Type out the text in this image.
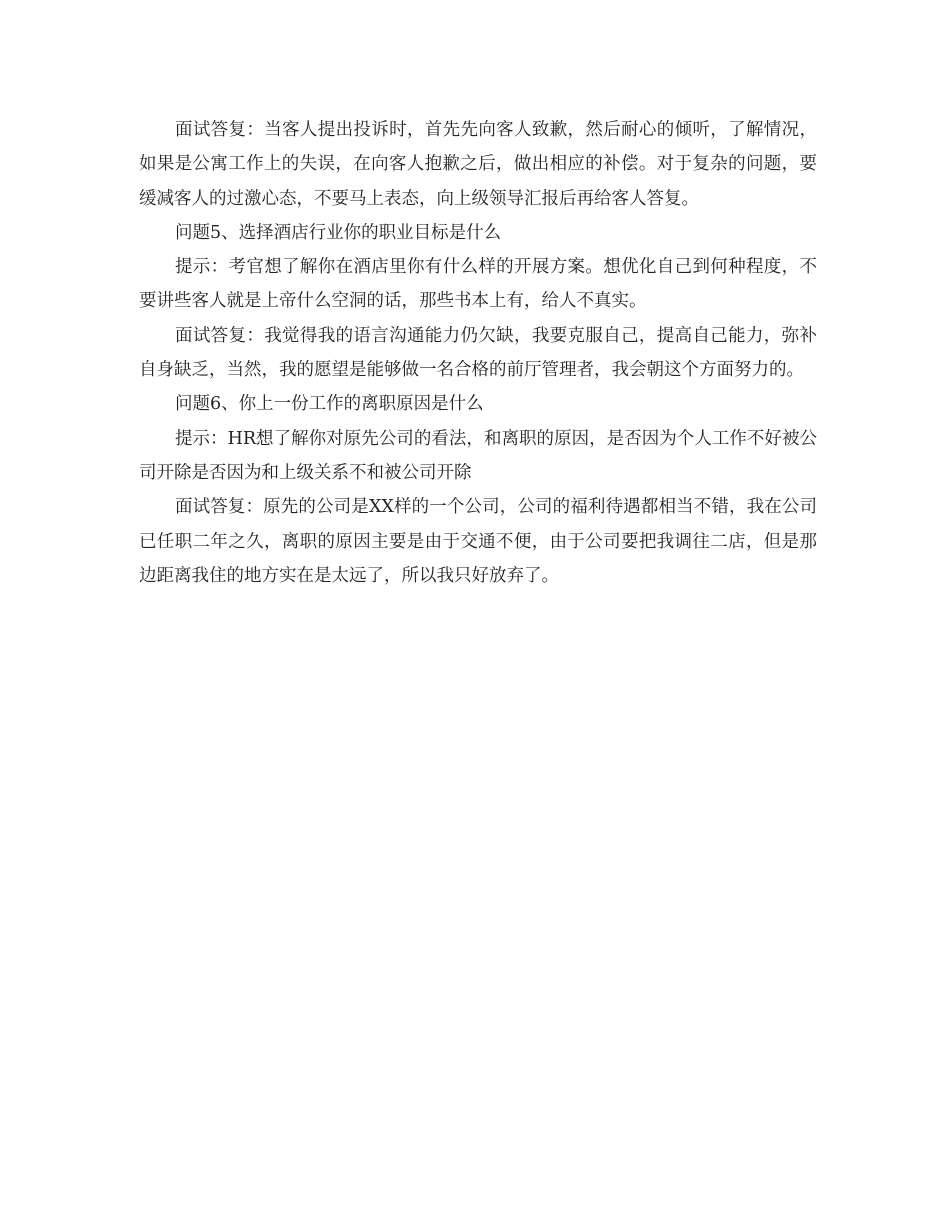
面试答复：当客人提出投诉时，首先先向客人致歉，然后耐心的倾听，了解情况，如果是公寓工作上的失误，在向客人抱歉之后，做出相应的补偿。对于复杂的问题，要缓减客人的过激心态，不要马上表态，向上级领导汇报后再给客人答复。

问题5、选择酒店行业你的职业目标是什么

提示：考官想了解你在酒店里你有什么样的开展方案。想优化自己到何种程度，不要讲些客人就是上帝什么空洞的话，那些书本上有，给人不真实。

面试答复：我觉得我的语言沟通能力仍欠缺，我要克服自己，提高自己能力，弥补自身缺乏，当然，我的愿望是能够做一名合格的前厅管理者，我会朝这个方面努力的。

问题6、你上一份工作的离职原因是什么

提示：HR想了解你对原先公司的看法，和离职的原因，是否因为个人工作不好被公司开除是否因为和上级关系不和被公司开除

面试答复：原先的公司是XX样的一个公司，公司的福利待遇都相当不错，我在公司已任职二年之久，离职的原因主要是由于交通不便，由于公司要把我调往二店，但是那边距离我住的地方实在是太远了，所以我只好放弃了。
